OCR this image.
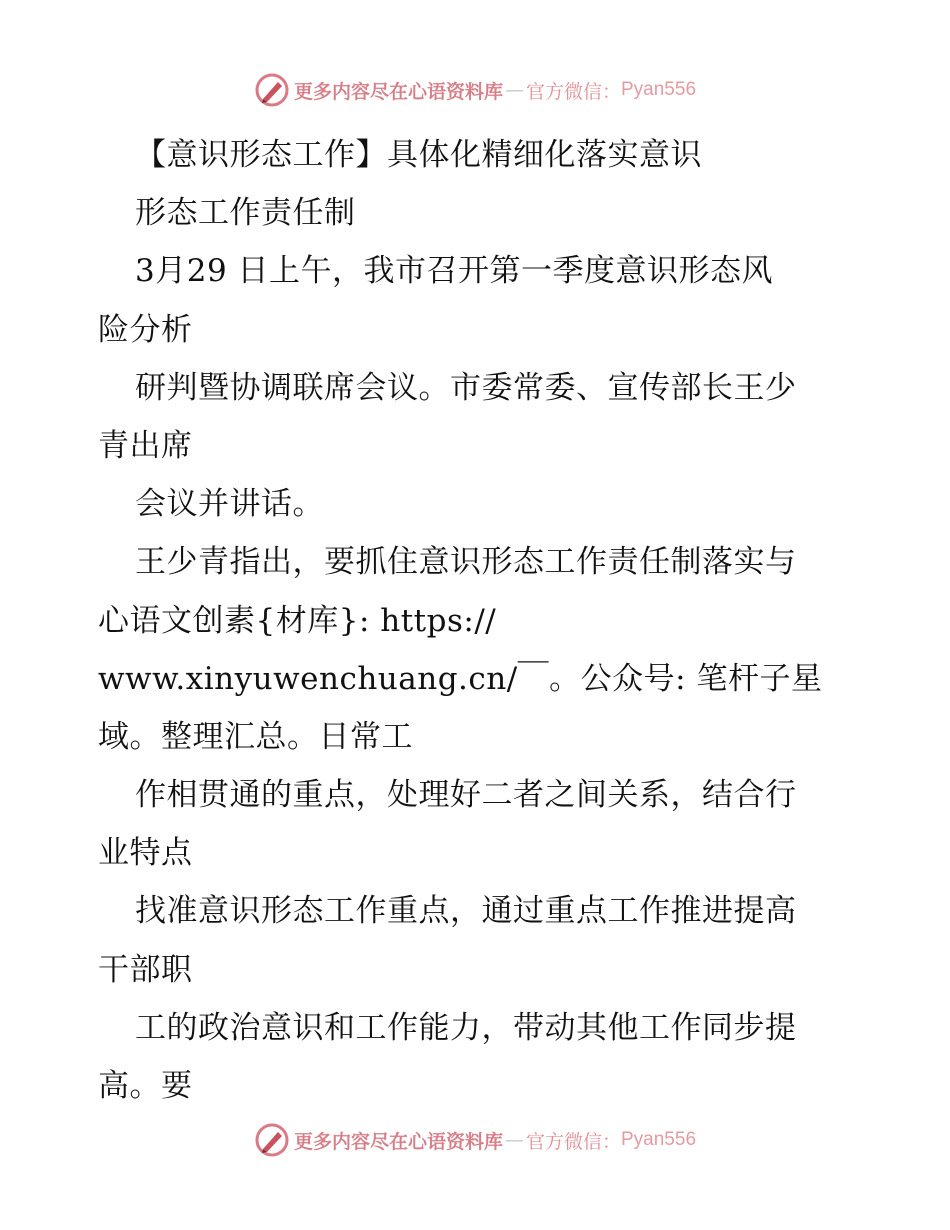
更多内容尽在心语资料库 — 官方微信： Pyan556
【意识形态工作】具体化精细化落实意识
形态工作责任制
3月29 日上午，我市召开第一季度意识形态风
险分析
研判暨协调联席会议。市委常委、宣传部长王少
青出席
会议并讲话。
王少青指出，要抓住意识形态工作责任制落实与
心语文创素{材库}: https://
www.xinyuwenchuang.cn/￣。公众号: 笔杆子星
域。整理汇总。日常工
作相贯通的重点，处理好二者之间关系，结合行
业特点
找准意识形态工作重点，通过重点工作推进提高
干部职
工的政治意识和工作能力，带动其他工作同步提
高。要
更多内容尽在心语资料库 — 官方微信： Pyan556
